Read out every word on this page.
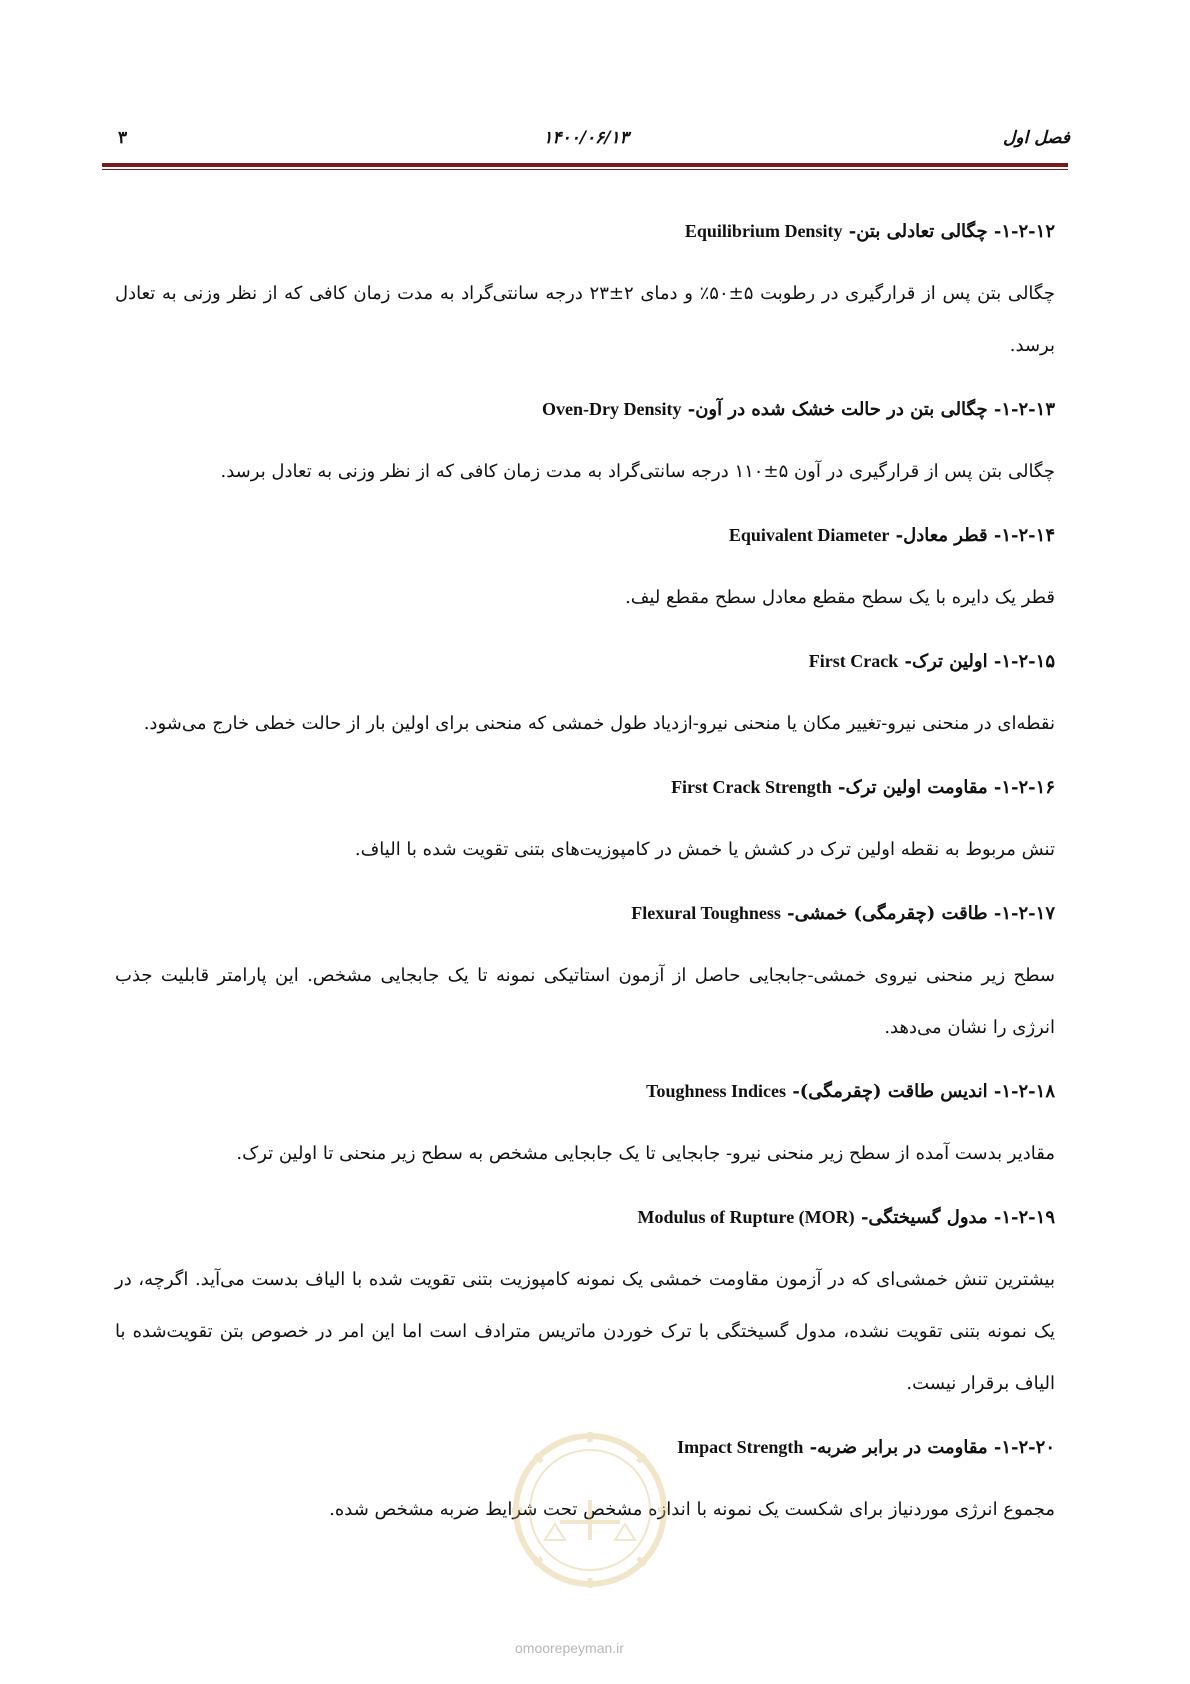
فصل اول
۱۴۰۰/۰۶/۱۳
۳
۱-۲-۱۲- چگالی تعادلی بتن- Equilibrium Density

چگالی بتن پس از قرارگیری در رطوبت ۵±۵۰٪ و دمای ۲±۲۳ درجه سانتی‌گراد به مدت زمان کافی که از نظر وزنی به تعادل برسد.

۱-۲-۱۳- چگالی بتن در حالت خشک شده در آون- Oven-Dry Density

چگالی بتن پس از قرارگیری در آون ۵±۱۱۰ درجه سانتی‌گراد به مدت زمان کافی که از نظر وزنی به تعادل برسد.

۱-۲-۱۴- قطر معادل- Equivalent Diameter

قطر یک دایره با یک سطح مقطع معادل سطح مقطع لیف.

۱-۲-۱۵- اولین ترک- First Crack

نقطه‌ای در منحنی نیرو-تغییر مکان یا منحنی نیرو-ازدیاد طول خمشی که منحنی برای اولین بار از حالت خطی خارج می‌شود.

۱-۲-۱۶- مقاومت اولین ترک- First Crack Strength

تنش مربوط به نقطه اولین ترک در کشش یا خمش در کامپوزیت‌های بتنی تقویت شده با الیاف.

۱-۲-۱۷- طاقت (چقرمگی) خمشی- Flexural Toughness

سطح زیر منحنی نیروی خمشی-جابجایی حاصل از آزمون استاتیکی نمونه تا یک جابجایی مشخص. این پارامتر قابلیت جذب انرژی را نشان می‌دهد.

۱-۲-۱۸- اندیس طاقت (چقرمگی)- Toughness Indices

مقادیر بدست آمده از سطح زیر منحنی نیرو- جابجایی تا یک جابجایی مشخص به سطح زیر منحنی تا اولین ترک.

۱-۲-۱۹- مدول گسیختگی- Modulus of Rupture (MOR)

بیشترین تنش خمشی‌ای که در آزمون مقاومت خمشی یک نمونه کامپوزیت بتنی تقویت شده با الیاف بدست می‌آید. اگرچه، در یک نمونه بتنی تقویت نشده، مدول گسیختگی با ترک خوردن ماتریس مترادف است اما این امر در خصوص بتن تقویت‌شده با الیاف برقرار نیست.

۱-۲-۲۰- مقاومت در برابر ضربه- Impact Strength

مجموع انرژی موردنیاز برای شکست یک نمونه با اندازه مشخص تحت شرایط ضربه مشخص شده.

omoorepeyman.ir
